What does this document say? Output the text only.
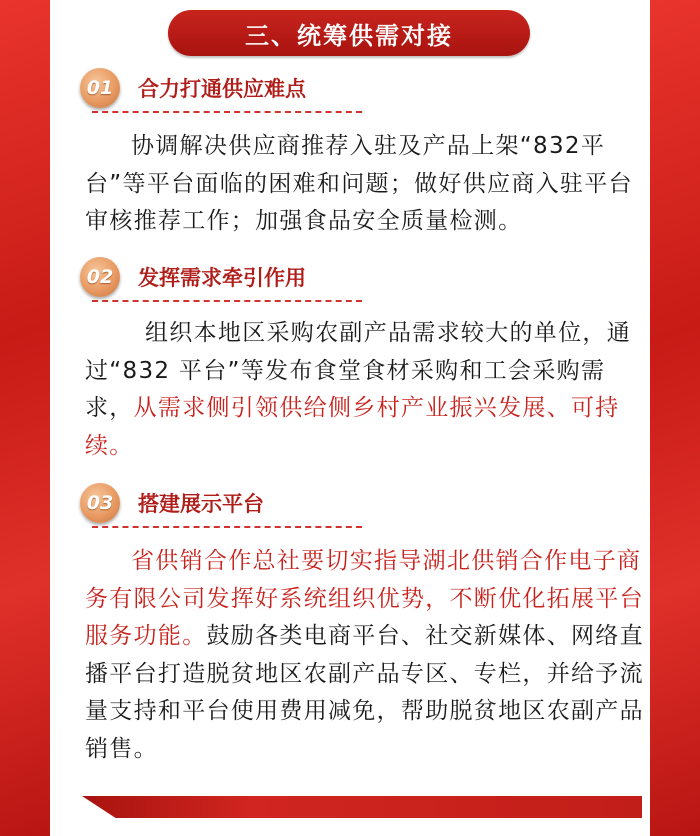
三、统筹供需对接
01 合力打通供应难点
协调解决供应商推荐入驻及产品上架“832平台”等平台面临的困难和问题；做好供应商入驻平台审核推荐工作；加强食品安全质量检测。
02 发挥需求牵引作用
组织本地区采购农副产品需求较大的单位，通过“832 平台”等发布食堂食材采购和工会采购需求，从需求侧引领供给侧乡村产业振兴发展、可持续。
03 搭建展示平台
省供销合作总社要切实指导湖北供销合作电子商务有限公司发挥好系统组织优势，不断优化拓展平台服务功能。鼓励各类电商平台、社交新媒体、网络直播平台打造脱贫地区农副产品专区、专栏，并给予流量支持和平台使用费用减免，帮助脱贫地区农副产品销售。
